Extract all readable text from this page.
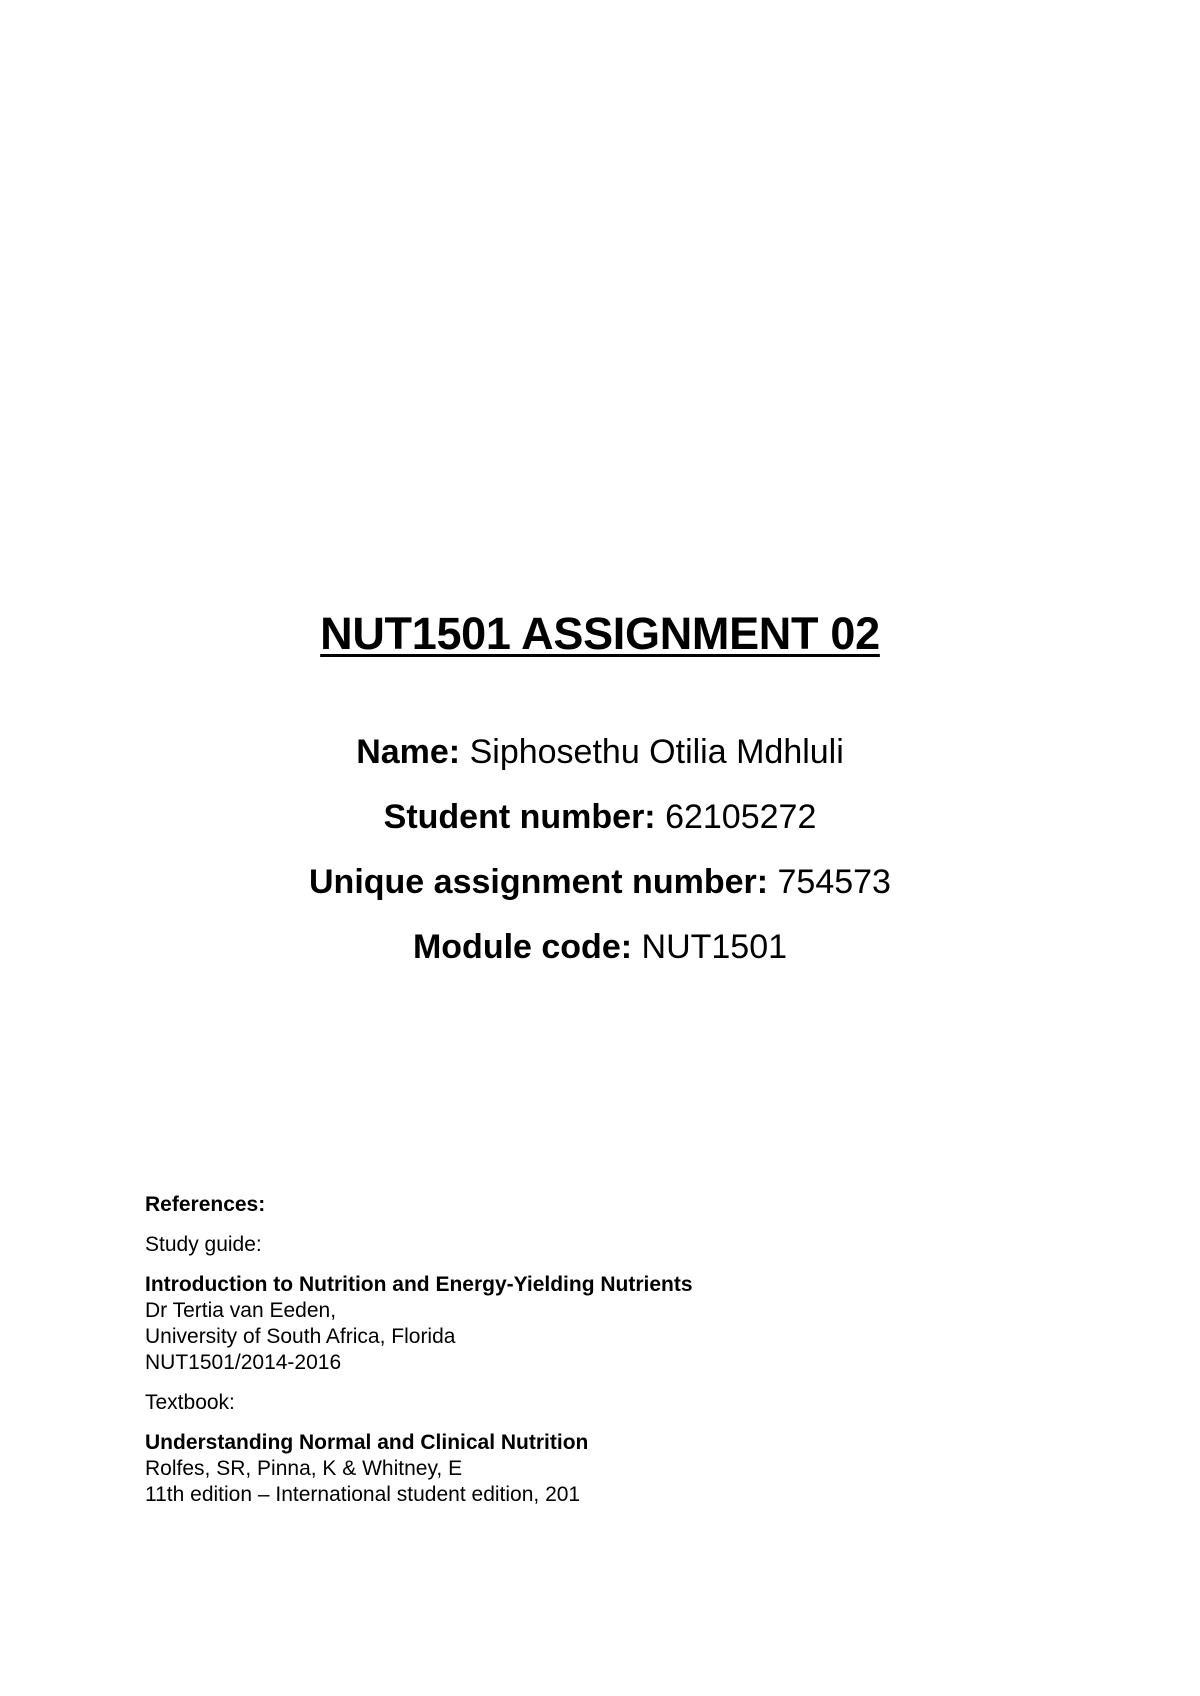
NUT1501 ASSIGNMENT 02

Name: Siphosethu Otilia Mdhluli

Student number: 62105272

Unique assignment number: 754573

Module code: NUT1501

References:

Study guide:

Introduction to Nutrition and Energy-Yielding Nutrients

Dr Tertia van Eeden,

University of South Africa, Florida

NUT1501/2014-2016

Textbook:

Understanding Normal and Clinical Nutrition

Rolfes, SR, Pinna, K & Whitney, E

11th edition – International student edition, 201
